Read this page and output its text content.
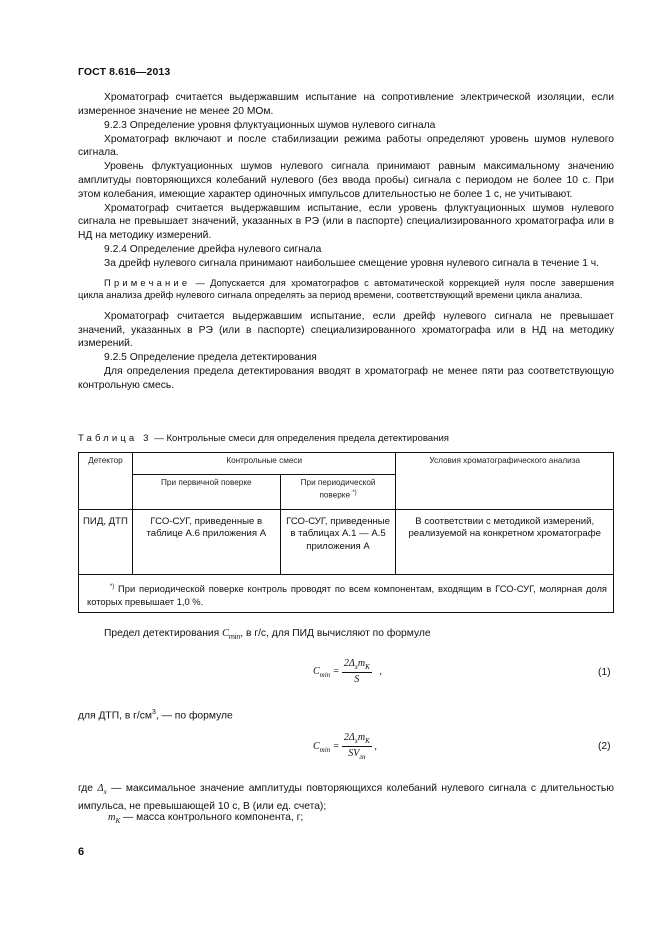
ГОСТ 8.616—2013

Хроматограф считается выдержавшим испытание на сопротивление электрической изоляции, если измеренное значение не менее 20 МОм.

9.2.3 Определение уровня флуктуационных шумов нулевого сигнала

Хроматограф включают и после стабилизации режима работы определяют уровень шумов нулевого сигнала.

Уровень флуктуационных шумов нулевого сигнала принимают равным максимальному значению амплитуды повторяющихся колебаний нулевого (без ввода пробы) сигнала с периодом не более 10 с. При этом колебания, имеющие характер одиночных импульсов длительностью не более 1 с, не учитывают.

Хроматограф считается выдержавшим испытание, если уровень флуктуационных шумов нулевого сигнала не превышает значений, указанных в РЭ (или в паспорте) специализированного хроматографа или в НД на методику измерений.

9.2.4 Определение дрейфа нулевого сигнала

За дрейф нулевого сигнала принимают наибольшее смещение уровня нулевого сигнала в течение 1 ч.

Примечание — Допускается для хроматографов с автоматической коррекцией нуля после завершения цикла анализа дрейф нулевого сигнала определять за период времени, соответствующий времени цикла анализа.

Хроматограф считается выдержавшим испытание, если дрейф нулевого сигнала не превышает значений, указанных в РЭ (или в паспорте) специализированного хроматографа или в НД на методику измерений.

9.2.5 Определение предела детектирования

Для определения предела детектирования вводят в хроматограф не менее пяти раз соответствующую контрольную смесь.

Таблица 3 — Контрольные смеси для определения предела детектирования
Детектор	Контрольные смеси		Условия хроматографического анализа
	При первичной поверке	При периодической поверке *)
ПИД, ДТП	ГСО-СУГ, приведенные в таблице А.6 приложения А	ГСО-СУГ, приведенные в таблицах А.1 — А.5 приложения А	В соответствии с методикой измерений, реализуемой на конкретном хроматографе
*) При периодической поверке контроль проводят по всем компонентам, входящим в ГСО-СУГ, молярная доля которых превышает 1,0 %.			
Предел детектирования $C_{min}$, в г/с, для ПИД вычисляют по формуле
$C_{min} = \frac{2\Delta_xm_K}{S}$ ,	(1)
для ДТП, в $г/см^3$, — по формуле
$C_{min} = \frac{2\Delta_xm_K}{SV_{гн}}$ ,	(2)
где $\Delta_x$ — максимальное значение амплитуды повторяющихся колебаний нулевого сигнала с длительностью импульса, не превышающей 10 с, В (или ед. счета);
$m_K$ — масса контрольного компонента, г;
6
